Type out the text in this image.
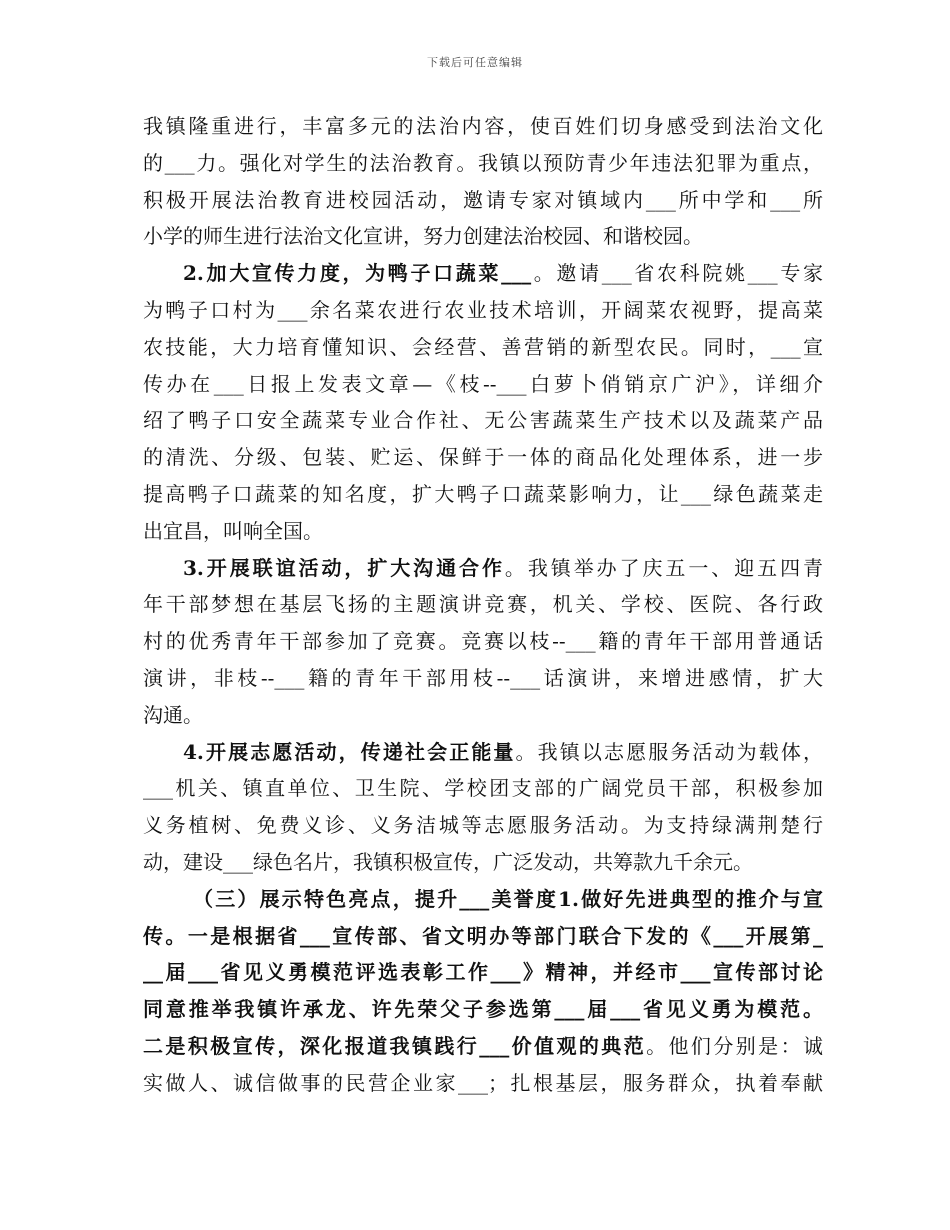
下载后可任意编辑
我镇隆重进行，丰富多元的法治内容，使百姓们切身感受到法治文化
的___力。强化对学生的法治教育。我镇以预防青少年违法犯罪为重点，
积极开展法治教育进校园活动，邀请专家对镇域内___所中学和___所
小学的师生进行法治文化宣讲，努力创建法治校园、和谐校园。
2.加大宣传力度，为鸭子口蔬菜___。邀请___省农科院姚___专家
为鸭子口村为___余名菜农进行农业技术培训，开阔菜农视野，提高菜
农技能，大力培育懂知识、会经营、善营销的新型农民。同时，___宣
传办在___日报上发表文章—《枝--___白萝卜俏销京广沪》，详细介
绍了鸭子口安全蔬菜专业合作社、无公害蔬菜生产技术以及蔬菜产品
的清洗、分级、包装、贮运、保鲜于一体的商品化处理体系，进一步
提高鸭子口蔬菜的知名度，扩大鸭子口蔬菜影响力，让___绿色蔬菜走
出宜昌，叫响全国。
3.开展联谊活动，扩大沟通合作。我镇举办了庆五一、迎五四青
年干部梦想在基层飞扬的主题演讲竞赛，机关、学校、医院、各行政
村的优秀青年干部参加了竞赛。竞赛以枝--___籍的青年干部用普通话
演讲，非枝--___籍的青年干部用枝--___话演讲，来增进感情，扩大
沟通。
4.开展志愿活动，传递社会正能量。我镇以志愿服务活动为载体，
___机关、镇直单位、卫生院、学校团支部的广阔党员干部，积极参加
义务植树、免费义诊、义务洁城等志愿服务活动。为支持绿满荆楚行
动，建设___绿色名片，我镇积极宣传，广泛发动，共筹款九千余元。
（三）展示特色亮点，提升___美誉度1.做好先进典型的推介与宣
传。一是根据省___宣传部、省文明办等部门联合下发的《___开展第_
__届___省见义勇模范评选表彰工作___》精神，并经市___宣传部讨论
同意推举我镇许承龙、许先荣父子参选第___届___省见义勇为模范。
二是积极宣传，深化报道我镇践行___价值观的典范。他们分别是：诚
实做人、诚信做事的民营企业家___；扎根基层，服务群众，执着奉献
